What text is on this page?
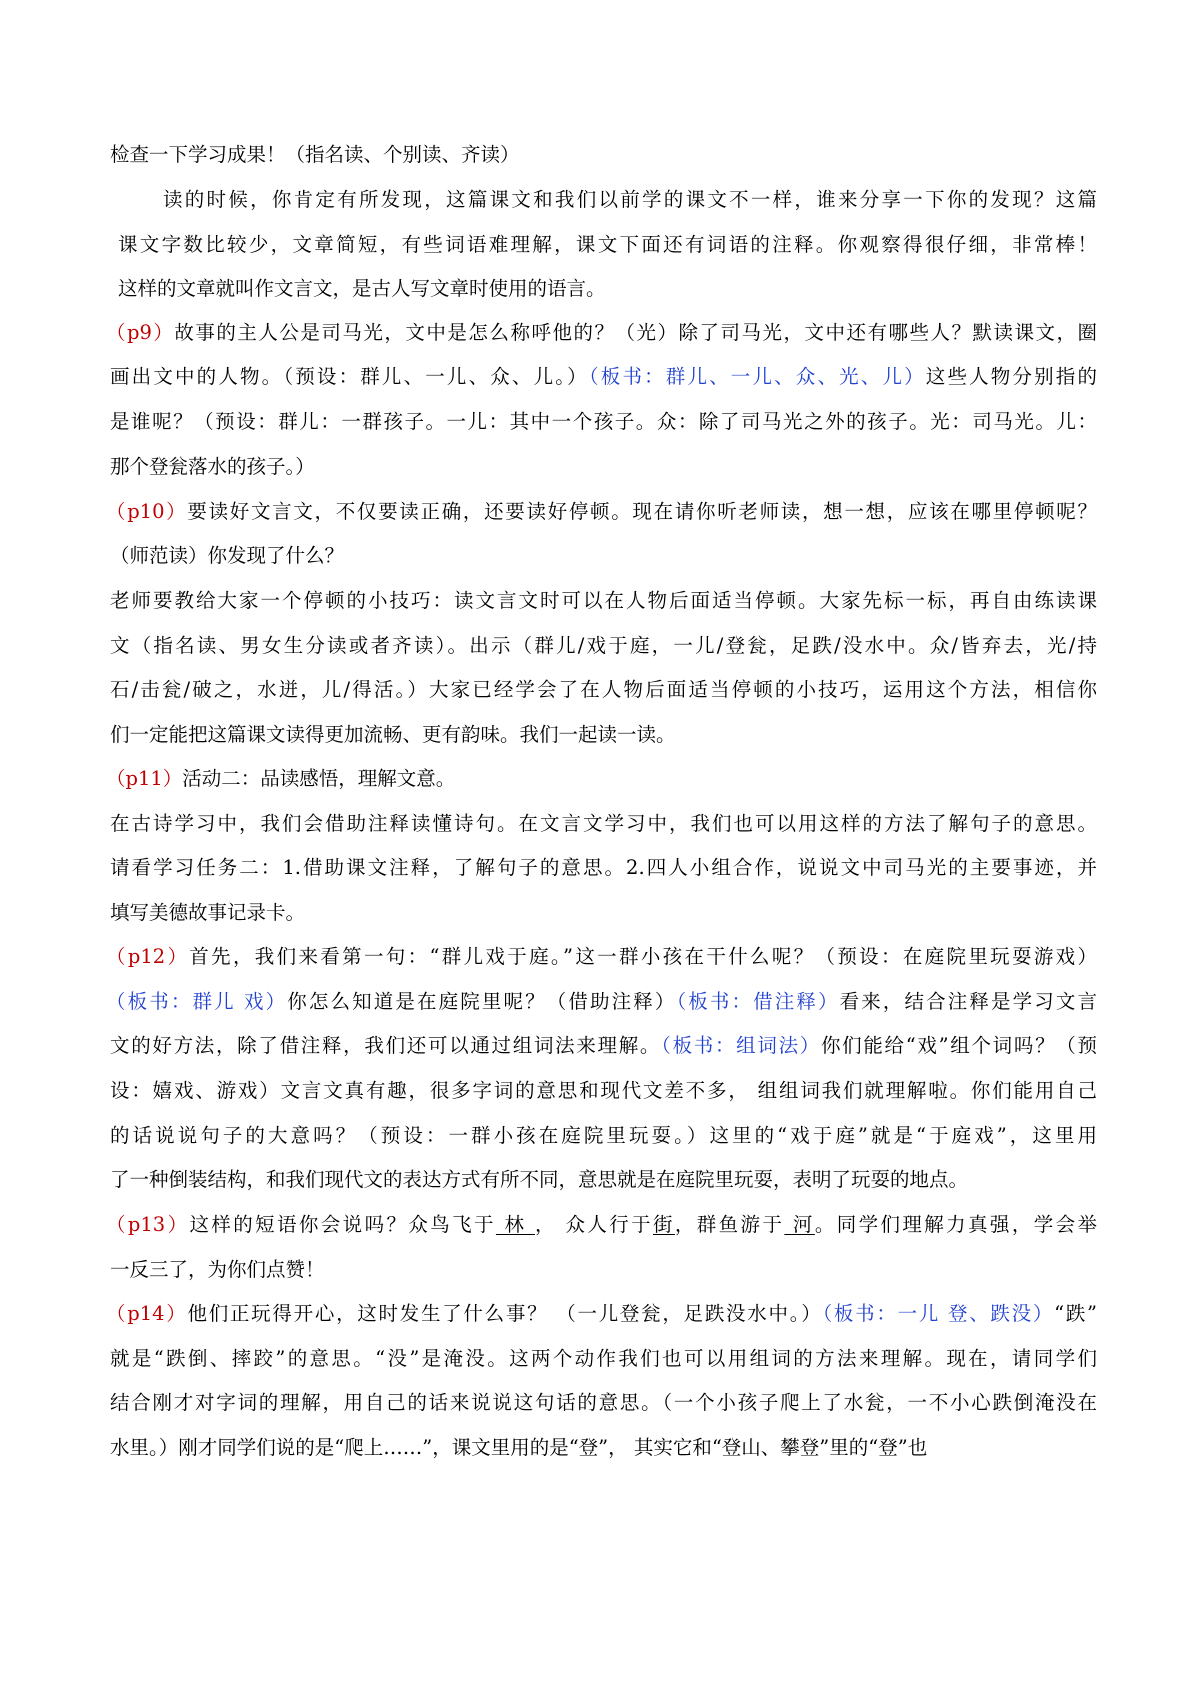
检查一下学习成果！（指名读、个别读、齐读）
读的时候，你肯定有所发现，这篇课文和我们以前学的课文不一样，谁来分享一下你的发现？这篇
课文字数比较少，文章简短，有些词语难理解，课文下面还有词语的注释。你观察得很仔细，非常棒！
这样的文章就叫作文言文，是古人写文章时使用的语言。
（p9）故事的主人公是司马光，文中是怎么称呼他的？（光）除了司马光，文中还有哪些人？默读课文，圈
画出文中的人物。（预设：群儿、一儿、众、儿。）（板书：群儿、一儿、众、光、儿）这些人物分别指的
是谁呢？（预设：群儿：一群孩子。一儿：其中一个孩子。众：除了司马光之外的孩子。光：司马光。儿：
那个登瓮落水的孩子。）
（p10）要读好文言文，不仅要读正确，还要读好停顿。现在请你听老师读，想一想，应该在哪里停顿呢？
（师范读）你发现了什么？
老师要教给大家一个停顿的小技巧：读文言文时可以在人物后面适当停顿。大家先标一标，再自由练读课
文（指名读、男女生分读或者齐读）。出示（群儿/戏于庭，一儿/登瓮，足跌/没水中。众/皆弃去，光/持
石/击瓮/破之，水迸，儿/得活。）大家已经学会了在人物后面适当停顿的小技巧，运用这个方法，相信你
们一定能把这篇课文读得更加流畅、更有韵味。我们一起读一读。
（p11）活动二：品读感悟，理解文意。
在古诗学习中，我们会借助注释读懂诗句。在文言文学习中，我们也可以用这样的方法了解句子的意思。
请看学习任务二：1.借助课文注释，了解句子的意思。2.四人小组合作，说说文中司马光的主要事迹，并
填写美德故事记录卡。
（p12）首先，我们来看第一句：“群儿戏于庭。”这一群小孩在干什么呢？（预设：在庭院里玩耍游戏）
（板书：群儿 戏）你怎么知道是在庭院里呢？（借助注释）（板书：借注释）看来，结合注释是学习文言
文的好方法，除了借注释，我们还可以通过组词法来理解。（板书：组词法）你们能给“戏”组个词吗？（预
设：嬉戏、游戏）文言文真有趣，很多字词的意思和现代文差不多， 组组词我们就理解啦。你们能用自己
的话说说句子的大意吗？（预设：一群小孩在庭院里玩耍。）这里的“戏于庭”就是“于庭戏”，这里用
了一种倒装结构，和我们现代文的表达方式有所不同，意思就是在庭院里玩耍，表明了玩耍的地点。
（p13）这样的短语你会说吗？众鸟飞于 林 ， 众人行于街，群鱼游于 河。同学们理解力真强，学会举
一反三了，为你们点赞！
（p14）他们正玩得开心，这时发生了什么事？ （一儿登瓮，足跌没水中。）（板书：一儿 登、跌没）“跌”
就是“跌倒、摔跤”的意思。“没”是淹没。这两个动作我们也可以用组词的方法来理解。现在，请同学们
结合刚才对字词的理解，用自己的话来说说这句话的意思。（一个小孩子爬上了水瓮，一不小心跌倒淹没在
水里。）刚才同学们说的是“爬上……”，课文里用的是“登”， 其实它和“登山、攀登”里的“登”也
